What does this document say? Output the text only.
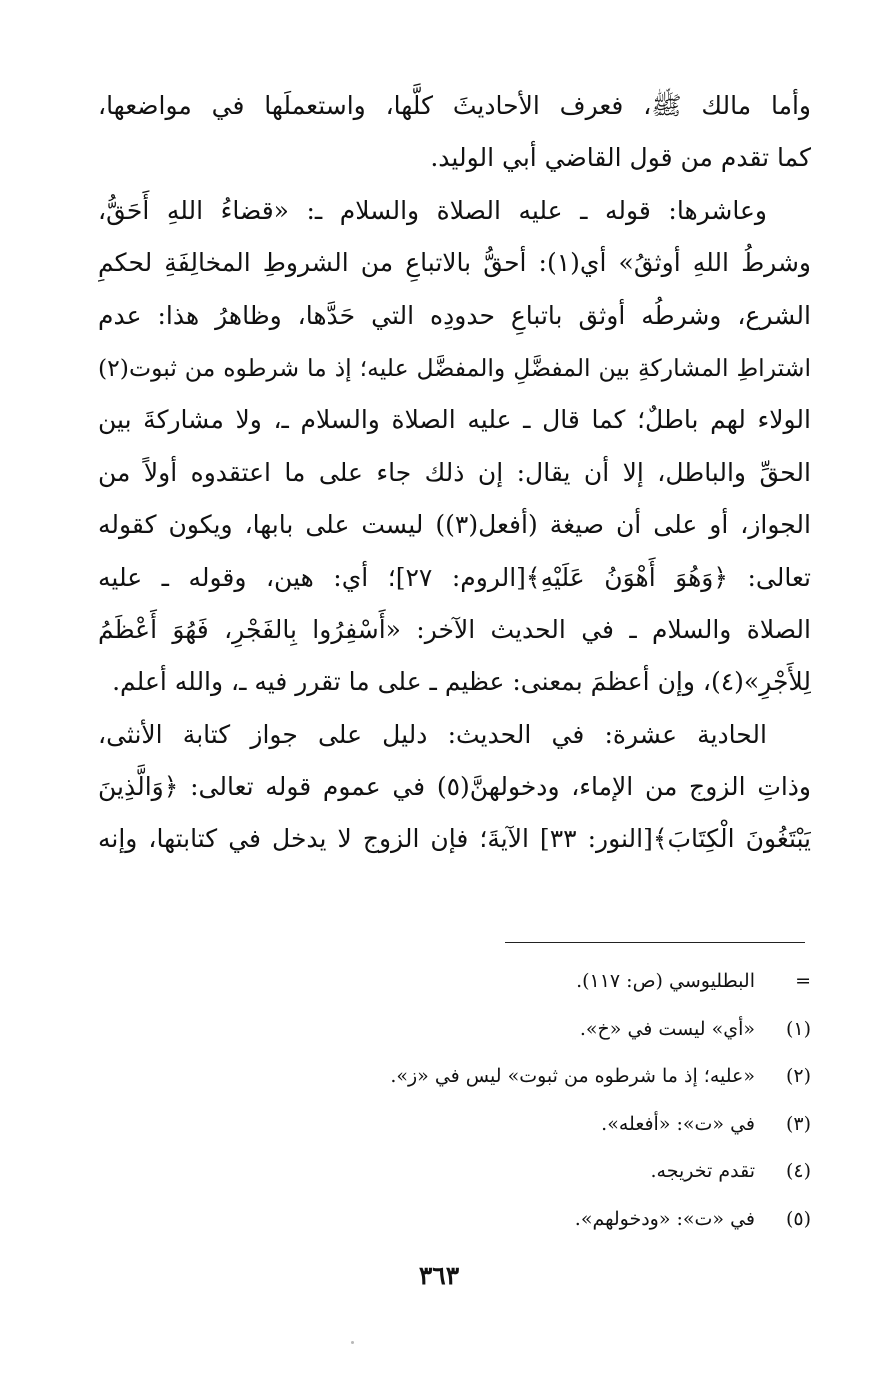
وأما مالك ﷺ، فعرف الأحاديثَ كلَّها، واستعملَها في مواضعها،
كما تقدم من قول القاضي أبي الوليد.
وعاشرها: قوله ـ عليه الصلاة والسلام ـ: «قضاءُ اللهِ أَحَقُّ،
وشرطُ اللهِ أوثقُ» أي(١): أحقُّ بالاتباعِ من الشروطِ المخالِفَةِ لحكمِ
الشرع، وشرطُه أوثق باتباعِ حدودِه التي حَدَّها، وظاهرُ هذا: عدم
اشتراطِ المشاركةِ بين المفضَّلِ والمفضَّل عليه؛ إذ ما شرطوه من ثبوت(٢)
الولاء لهم باطلٌ؛ كما قال ـ عليه الصلاة والسلام ـ، ولا مشاركةَ بين
الحقِّ والباطل، إلا أن يقال: إن ذلك جاء على ما اعتقدوه أولاً من
الجواز، أو على أن صيغة (أفعل(٣)) ليست على بابها، ويكون كقوله
تعالى: ﴿وَهُوَ أَهْوَنُ عَلَيْهِ﴾[الروم: ٢٧]؛ أي: هين، وقوله ـ عليه
الصلاة والسلام ـ في الحديث الآخر: «أَسْفِرُوا بِالفَجْرِ، فَهُوَ أَعْظَمُ
لِلأَجْرِ»(٤)، وإن أعظمَ بمعنى: عظيم ـ على ما تقرر فيه ـ، والله أعلم.
الحادية عشرة: في الحديث: دليل على جواز كتابة الأنثى،
وذاتِ الزوج من الإماء، ودخولهنَّ(٥) في عموم قوله تعالى: ﴿وَالَّذِينَ
يَبْتَغُونَ الْكِتَابَ﴾[النور: ٣٣] الآيةَ؛ فإن الزوج لا يدخل في كتابتها، وإنه
=البطليوسي (ص: ١١٧).
(١)«أي» ليست في «خ».
(٢)«عليه؛ إذ ما شرطوه من ثبوت» ليس في «ز».
(٣)في «ت»: «أفعله».
(٤)تقدم تخريجه.
(٥)في «ت»: «ودخولهم».
٣٦٣
